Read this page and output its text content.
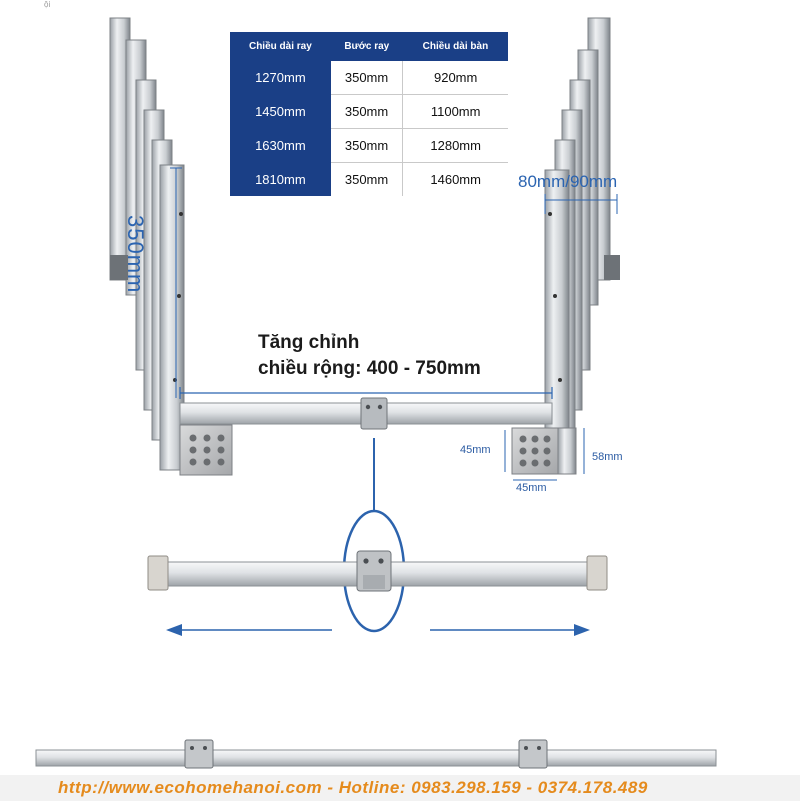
ội
Chiều dài ray	Bước ray	Chiều dài bàn
1270mm	350mm	920mm
1450mm	350mm	1100mm
1630mm	350mm	1280mm
1810mm	350mm	1460mm
350mm
80mm/90mm
45mm
45mm
58mm
Tăng chỉnh
chiều rộng: 400 - 750mm
http://www.ecohomehanoi.com - Hotline: 0983.298.159 - 0374.178.489
